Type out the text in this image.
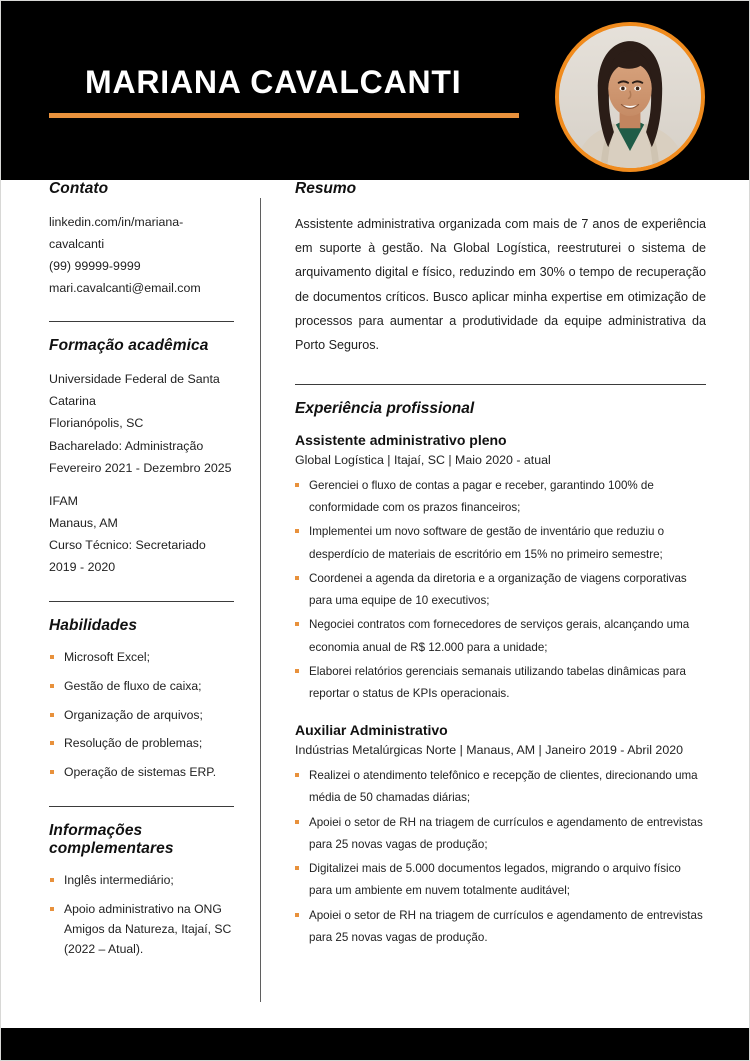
MARIANA CAVALCANTI
Contato
linkedin.com/in/mariana-cavalcanti
(99) 99999-9999
mari.cavalcanti@email.com
Formação acadêmica
Universidade Federal de Santa Catarina
Florianópolis, SC
Bacharelado: Administração
Fevereiro 2021 - Dezembro 2025
IFAM
Manaus, AM
Curso Técnico: Secretariado
2019 - 2020
Habilidades
Microsoft Excel;
Gestão de fluxo de caixa;
Organização de arquivos;
Resolução de problemas;
Operação de sistemas ERP.
Informações
complementares
Inglês intermediário;
Apoio administrativo na ONG Amigos da Natureza, Itajaí, SC (2022 – Atual).
Resumo

Assistente administrativa organizada com mais de 7 anos de experiência em suporte à gestão. Na Global Logística, reestruturei o sistema de arquivamento digital e físico, reduzindo em 30% o tempo de recuperação de documentos críticos. Busco aplicar minha expertise em otimização de processos para aumentar a produtividade da equipe administrativa da Porto Seguros.

Experiência profissional
Assistente administrativo pleno
Global Logística | Itajaí, SC | Maio 2020 - atual
Gerenciei o fluxo de contas a pagar e receber, garantindo 100% de conformidade com os prazos financeiros;
Implementei um novo software de gestão de inventário que reduziu o desperdício de materiais de escritório em 15% no primeiro semestre;
Coordenei a agenda da diretoria e a organização de viagens corporativas para uma equipe de 10 executivos;
Negociei contratos com fornecedores de serviços gerais, alcançando uma economia anual de R$ 12.000 para a unidade;
Elaborei relatórios gerenciais semanais utilizando tabelas dinâmicas para reportar o status de KPIs operacionais.
Auxiliar Administrativo
Indústrias Metalúrgicas Norte | Manaus, AM | Janeiro 2019 - Abril 2020
Realizei o atendimento telefônico e recepção de clientes, direcionando uma média de 50 chamadas diárias;
Apoiei o setor de RH na triagem de currículos e agendamento de entrevistas para 25 novas vagas de produção;
Digitalizei mais de 5.000 documentos legados, migrando o arquivo físico para um ambiente em nuvem totalmente auditável;
Apoiei o setor de RH na triagem de currículos e agendamento de entrevistas para 25 novas vagas de produção.
